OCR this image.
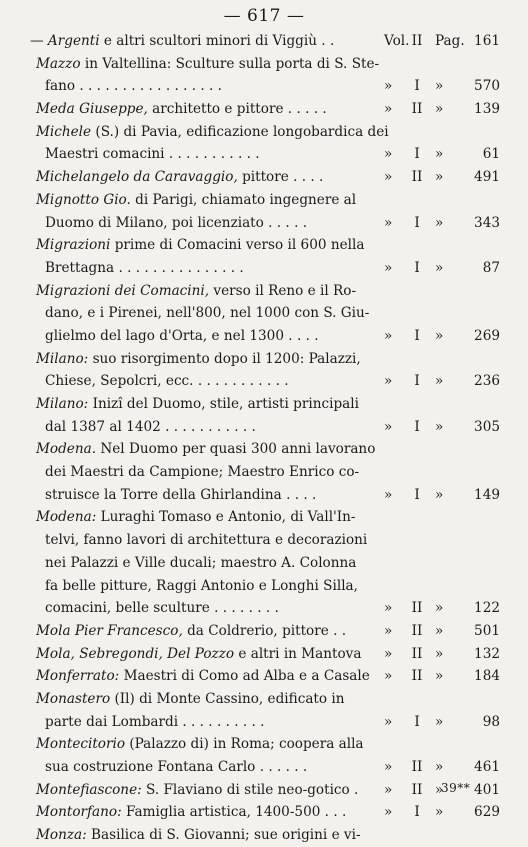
— 617 —
— Argenti e altri scultori minori di Viggiù . .	Vol. II Pag. 161
Mazzo in Valtellina: Sculture sulla porta di S. Ste-
fano . . . . . . . . . . . . . . . . .	» I » 570
Meda Giuseppe, architetto e pittore . . . . .	» II » 139
Michele (S.) di Pavia, edificazione longobardica dei
Maestri comacini . . . . . . . . . . .	» I »	61
Michelangelo da Caravaggio, pittore . . . .	» II » 491
Mignotto Gio. di Parigi, chiamato ingegnere al
Duomo di Milano, poi licenziato . . . . .	» I » 343
Migrazioni prime di Comacini verso il 600 nella
Brettagna . . . . . . . . . . . . . . .	» I »	87
Migrazioni dei Comacini, verso il Reno e il Ro-
dano, e i Pirenei, nell'800, nel 1000 con S. Giu-
glielmo del lago d'Orta, e nel 1300 . . . .	» I » 269
Milano: suo risorgimento dopo il 1200: Palazzi,
Chiese, Sepolcri, ecc. . . . . . . . . . . .	» I » 236
Milano: Inizî del Duomo, stile, artisti principali
dal 1387 al 1402 . . . . . . . . . . .	» I » 305
Modena. Nel Duomo per quasi 300 anni lavorano
dei Maestri da Campione; Maestro Enrico co-
struisce la Torre della Ghirlandina . . . .	» I » 149
Modena: Luraghi Tomaso e Antonio, di Vall'In-
telvi, fanno lavori di architettura e decorazioni
nei Palazzi e Ville ducali; maestro A. Colonna
fa belle pitture, Raggi Antonio e Longhi Silla,
comacini, belle sculture . . . . . . . .	» II » 122
Mola Pier Francesco, da Coldrerio, pittore . .	» II » 501
Mola, Sebregondi, Del Pozzo e altri in Mantova » II » 132
Monferrato: Maestri di Como ad Alba e a Casale » II » 184
Monastero (Il) di Monte Cassino, edificato in
parte dai Lombardi . . . . . . . . . .	» I »	98
Montecitorio (Palazzo di) in Roma; coopera alla
sua costruzione Fontana Carlo . . . . . .	» II » 461
Montefiascone: S. Flaviano di stile neo-gotico . » II » 401
Montorfano: Famiglia artistica, 1400-500 . . .	» I » 629
Monza: Basilica di S. Giovanni; sue origini e vi-
39**
